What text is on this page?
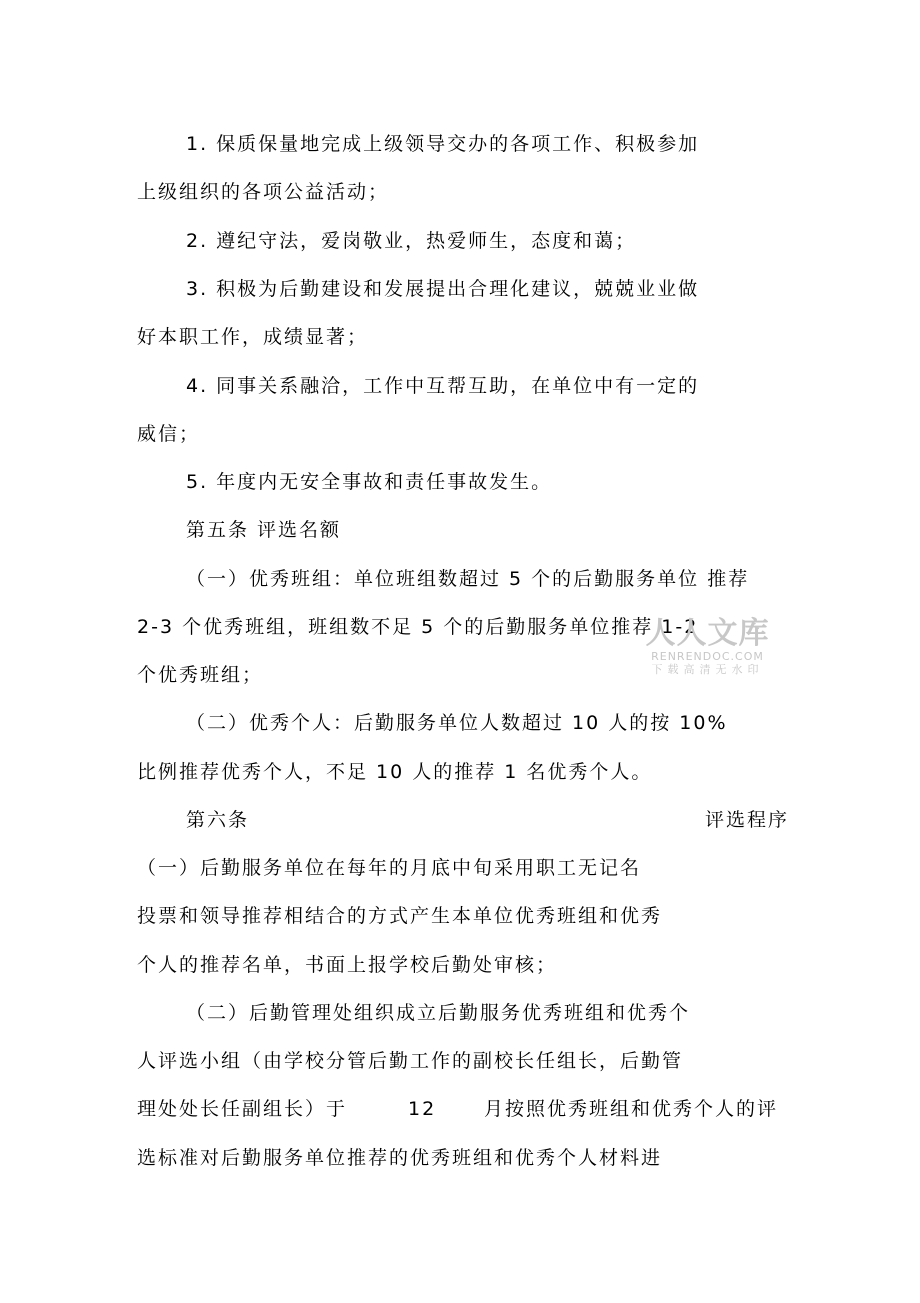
1. 保质保量地完成上级领导交办的各项工作、积极参加
上级组织的各项公益活动；
2. 遵纪守法，爱岗敬业，热爱师生，态度和蔼；
3. 积极为后勤建设和发展提出合理化建议，兢兢业业做
好本职工作，成绩显著；
4. 同事关系融洽，工作中互帮互助，在单位中有一定的
威信；
5. 年度内无安全事故和责任事故发生。
第五条 评选名额
（一）优秀班组：单位班组数超过 5 个的后勤服务单位 推荐
2-3 个优秀班组，班组数不足 5 个的后勤服务单位推荐 1-2
个优秀班组；
（二）优秀个人：后勤服务单位人数超过 10 人的按 10%
比例推荐优秀个人，不足 10 人的推荐 1 名优秀个人。
第六条	评选程序
（一）后勤服务单位在每年的月底中旬采用职工无记名
投票和领导推荐相结合的方式产生本单位优秀班组和优秀
个人的推荐名单，书面上报学校后勤处审核；
（二）后勤管理处组织成立后勤服务优秀班组和优秀个
人评选小组（由学校分管后勤工作的副校长任组长，后勤管
理处处长任副组长）于	12	月按照优秀班组和优秀个人的评
选标准对后勤服务单位推荐的优秀班组和优秀个人材料进
人人文库
RENRENDOC.COM
下载高清无水印
